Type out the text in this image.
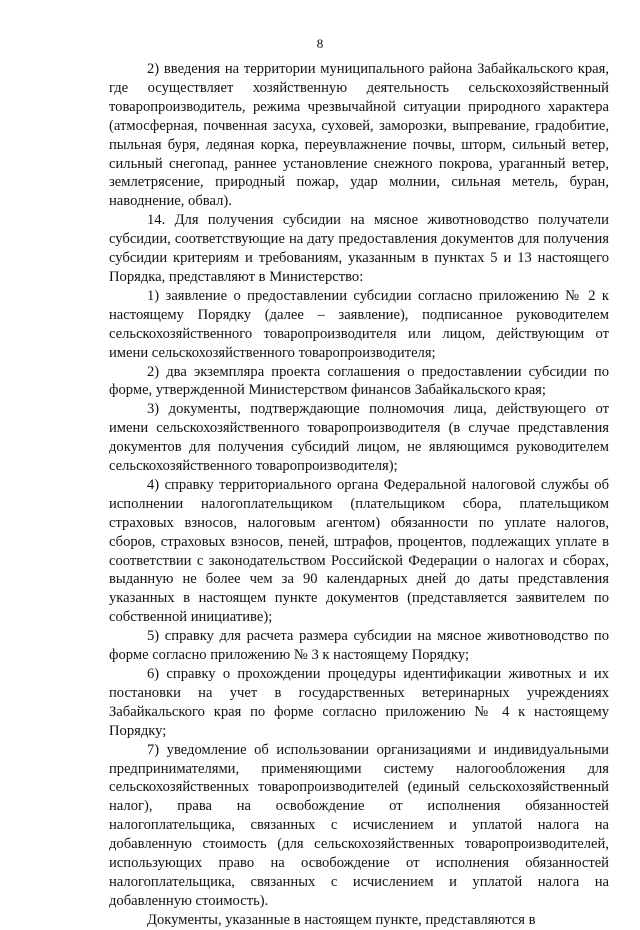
8

2) введения на территории муниципального района Забайкальского края, где осуществляет хозяйственную деятельность сельскохозяйственный товаропроизводитель, режима чрезвычайной ситуации природного характера (атмосферная, почвенная засуха, суховей, заморозки, выпревание, градобитие, пыльная буря, ледяная корка, переувлажнение почвы, шторм, сильный ветер, сильный снегопад, раннее установление снежного покрова, ураганный ветер, землетрясение, природный пожар, удар молнии, сильная метель, буран, наводнение, обвал).

14. Для получения субсидии на мясное животноводство получатели субсидии, соответствующие на дату предоставления документов для получения субсидии критериям и требованиям, указанным в пунктах 5 и 13 настоящего Порядка, представляют в Министерство:

1) заявление о предоставлении субсидии согласно приложению № 2 к настоящему Порядку (далее – заявление), подписанное руководителем сельскохозяйственного товаропроизводителя или лицом, действующим от имени сельскохозяйственного товаропроизводителя;

2) два экземпляра проекта соглашения о предоставлении субсидии по форме, утвержденной Министерством финансов Забайкальского края;

3) документы, подтверждающие полномочия лица, действующего от имени сельскохозяйственного товаропроизводителя (в случае представления документов для получения субсидий лицом, не являющимся руководителем сельскохозяйственного товаропроизводителя);

4) справку территориального органа Федеральной налоговой службы об исполнении налогоплательщиком (плательщиком сбора, плательщиком страховых взносов, налоговым агентом) обязанности по уплате налогов, сборов, страховых взносов, пеней, штрафов, процентов, подлежащих уплате в соответствии с законодательством Российской Федерации о налогах и сборах, выданную не более чем за 90 календарных дней до даты представления указанных в настоящем пункте документов (представляется заявителем по собственной инициативе);

5) справку для расчета размера субсидии на мясное животноводство по форме согласно приложению № 3 к настоящему Порядку;

6) справку о прохождении процедуры идентификации животных и их постановки на учет в государственных ветеринарных учреждениях Забайкальского края по форме согласно приложению № 4 к настоящему Порядку;

7) уведомление об использовании организациями и индивидуальными предпринимателями, применяющими систему налогообложения для сельскохозяйственных товаропроизводителей (единый сельскохозяйственный налог), права на освобождение от исполнения обязанностей налогоплательщика, связанных с исчислением и уплатой налога на добавленную стоимость (для сельскохозяйственных товаропроизводителей, использующих право на освобождение от исполнения обязанностей налогоплательщика, связанных с исчислением и уплатой налога на добавленную стоимость).

Документы, указанные в настоящем пункте, представляются в
